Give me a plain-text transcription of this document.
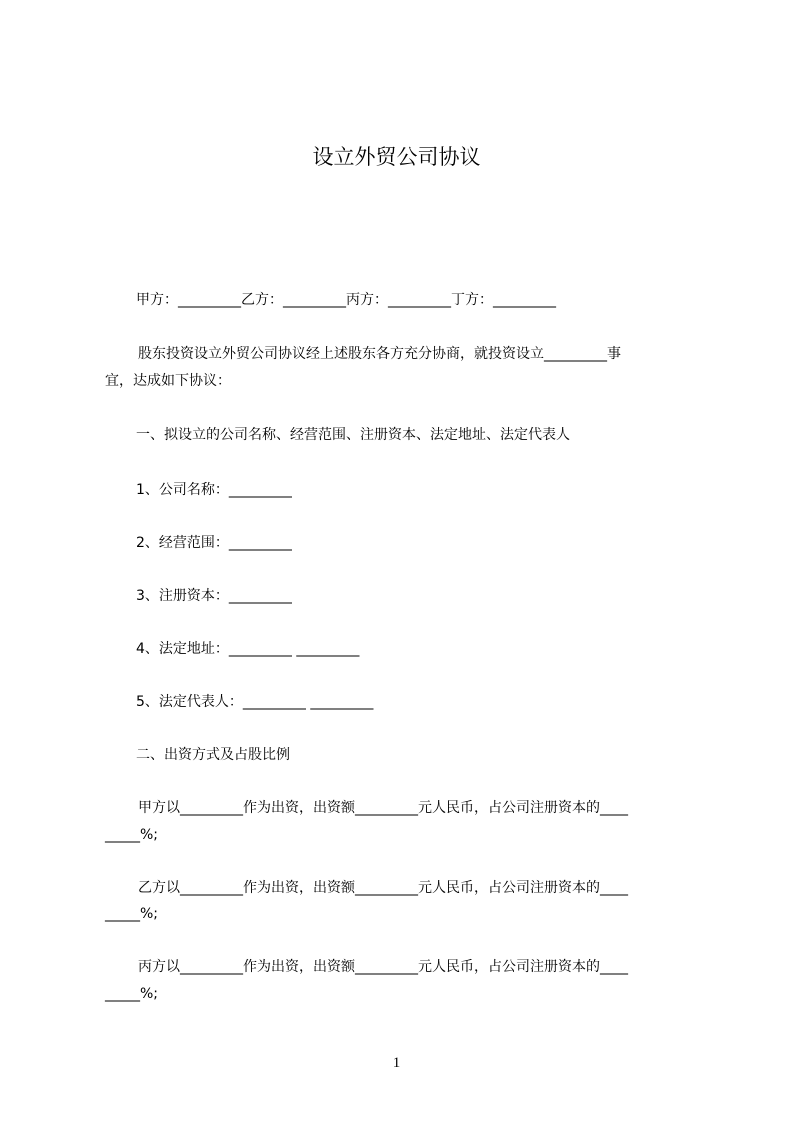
设立外贸公司协议
甲方：_________乙方：_________丙方：_________丁方：_________
股东投资设立外贸公司协议经上述股东各方充分协商，就投资设立_________事
宜，达成如下协议：
一、拟设立的公司名称、经营范围、注册资本、法定地址、法定代表人
1、公司名称：_________
2、经营范围：_________
3、注册资本：_________
4、法定地址：_________ _________
5、法定代表人：_________ _________
二、出资方式及占股比例
甲方以_________作为出资，出资额_________元人民币，占公司注册资本的____
_____%;
乙方以_________作为出资，出资额_________元人民币，占公司注册资本的____
_____%;
丙方以_________作为出资，出资额_________元人民币，占公司注册资本的____
_____%;
1
